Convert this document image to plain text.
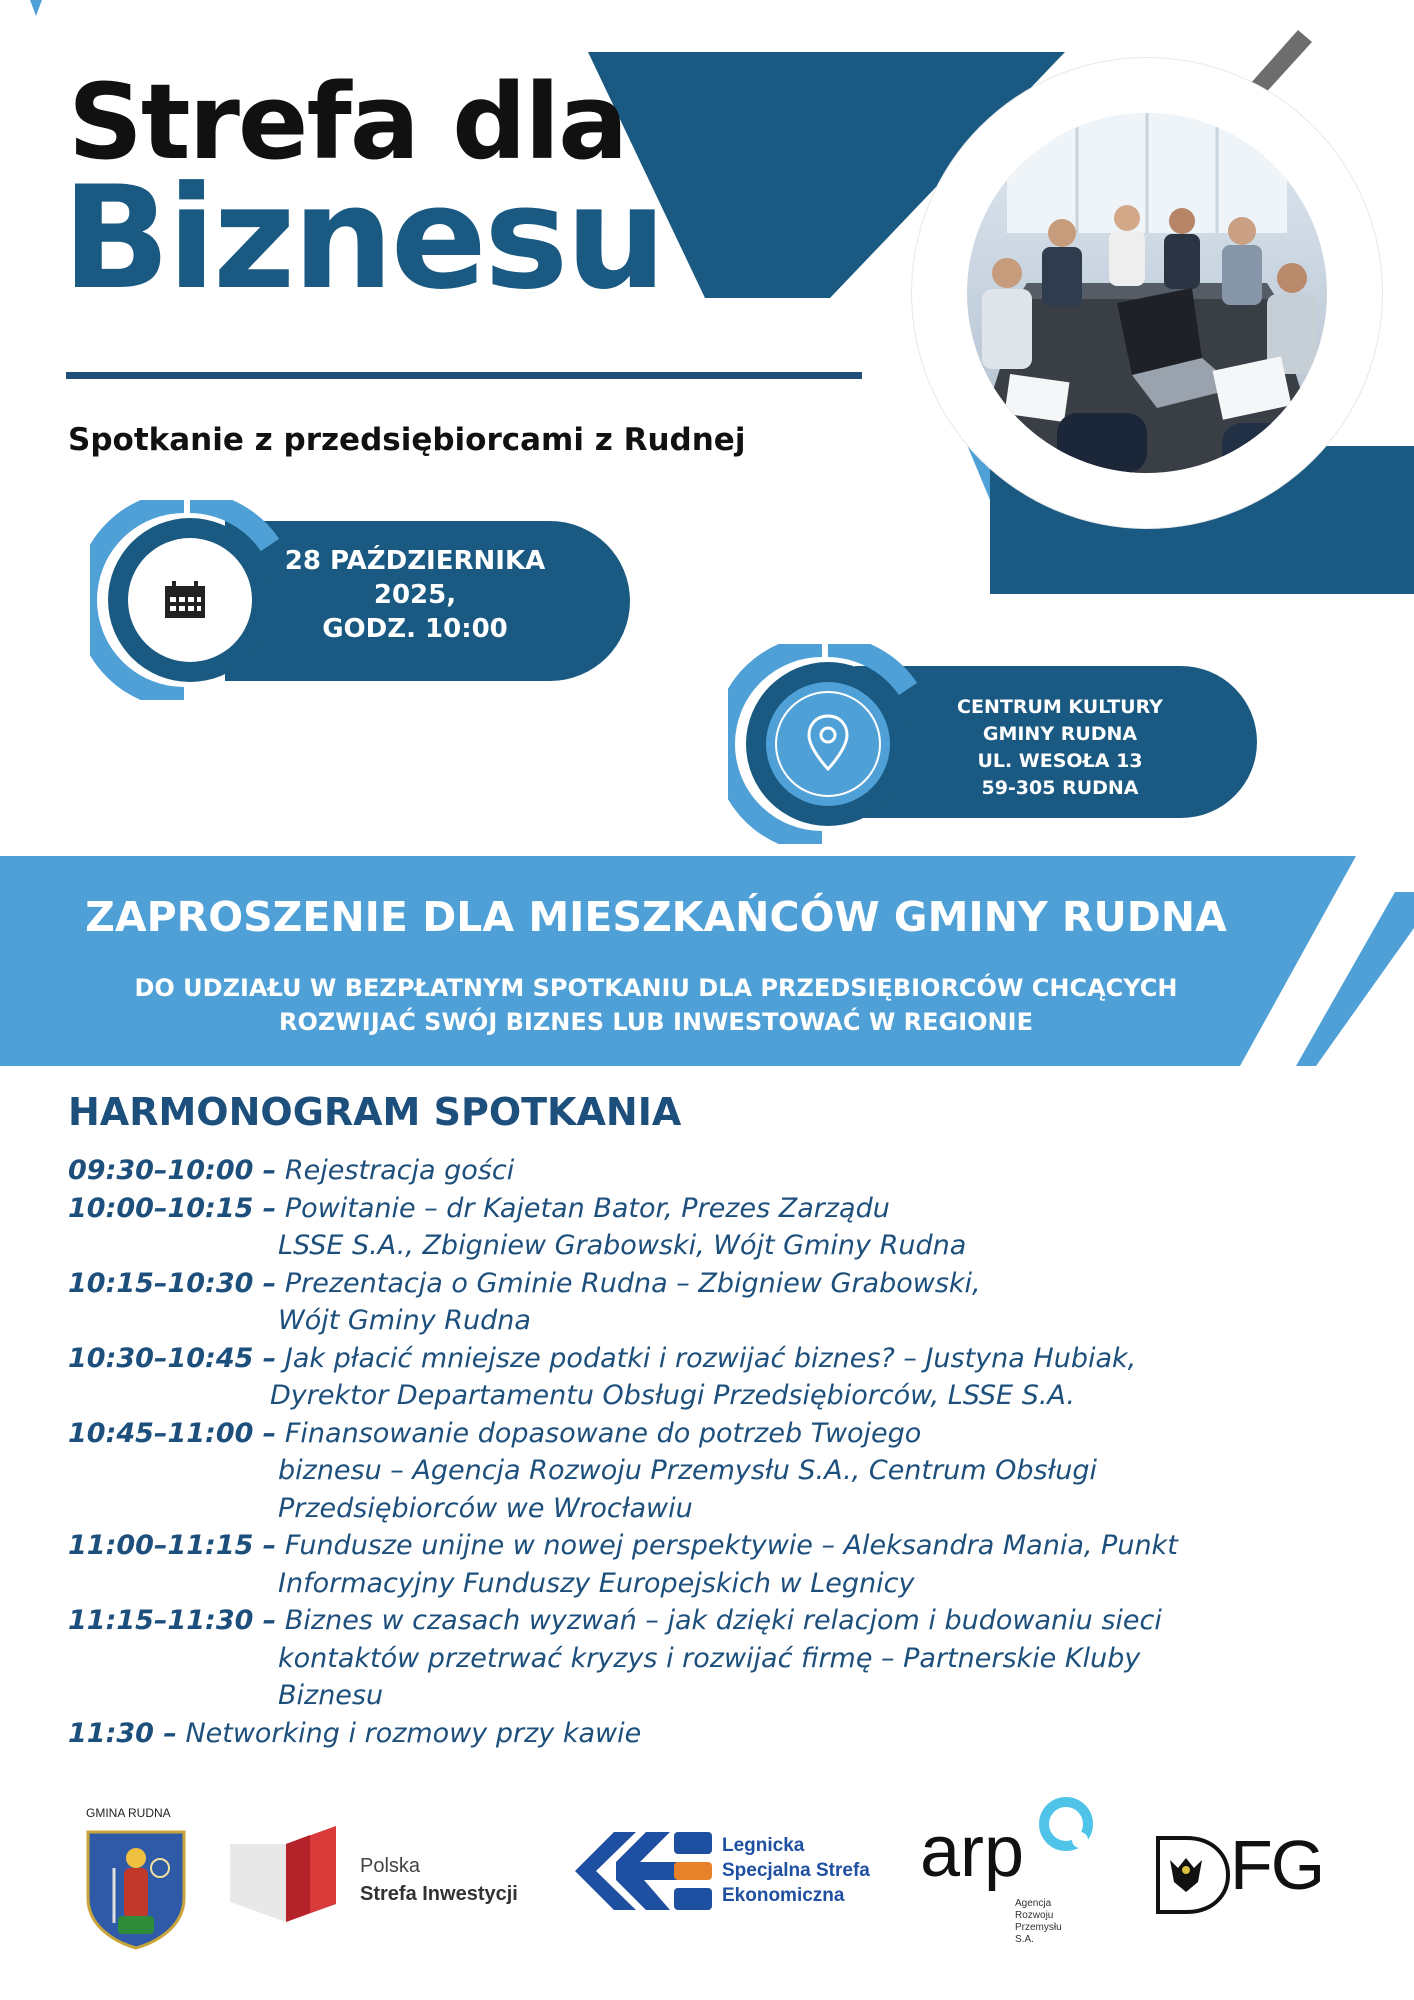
Strefa dla
Biznesu
Spotkanie z przedsiębiorcami z Rudnej
28 PAŹDZIERNIKA
2025,
GODZ. 10:00
CENTRUM KULTURY
GMINY RUDNA
UL. WESOŁA 13
59-305 RUDNA
ZAPROSZENIE DLA MIESZKAŃCÓW GMINY RUDNA
DO UDZIAŁU W BEZPŁATNYM SPOTKANIU DLA PRZEDSIĘBIORCÓW CHCĄCYCH
ROZWIJAĆ SWÓJ BIZNES LUB INWESTOWAĆ W REGIONIE
HARMONOGRAM SPOTKANIA
09:30–10:00 – Rejestracja gości
10:00–10:15 – Powitanie – dr Kajetan Bator, Prezes Zarządu
LSSE S.A., Zbigniew Grabowski, Wójt Gminy Rudna
10:15–10:30 – Prezentacja o Gminie Rudna – Zbigniew Grabowski,
Wójt Gminy Rudna
10:30–10:45 – Jak płacić mniejsze podatki i rozwijać biznes? – Justyna Hubiak,
Dyrektor Departamentu Obsługi Przedsiębiorców, LSSE S.A.
10:45–11:00 – Finansowanie dopasowane do potrzeb Twojego
biznesu – Agencja Rozwoju Przemysłu S.A., Centrum Obsługi
Przedsiębiorców we Wrocławiu
11:00–11:15 – Fundusze unijne w nowej perspektywie – Aleksandra Mania, Punkt
Informacyjny Funduszy Europejskich w Legnicy
11:15–11:30 – Biznes w czasach wyzwań – jak dzięki relacjom i budowaniu sieci
kontaktów przetrwać kryzys i rozwijać firmę – Partnerskie Kluby
Biznesu
11:30 – Networking i rozmowy przy kawie
GMINA RUDNA
Polska
Strefa Inwestycji
Legnicka
Specjalna Strefa
Ekonomiczna
arp
Agencja
Rozwoju
Przemysłu
S.A.
FG
